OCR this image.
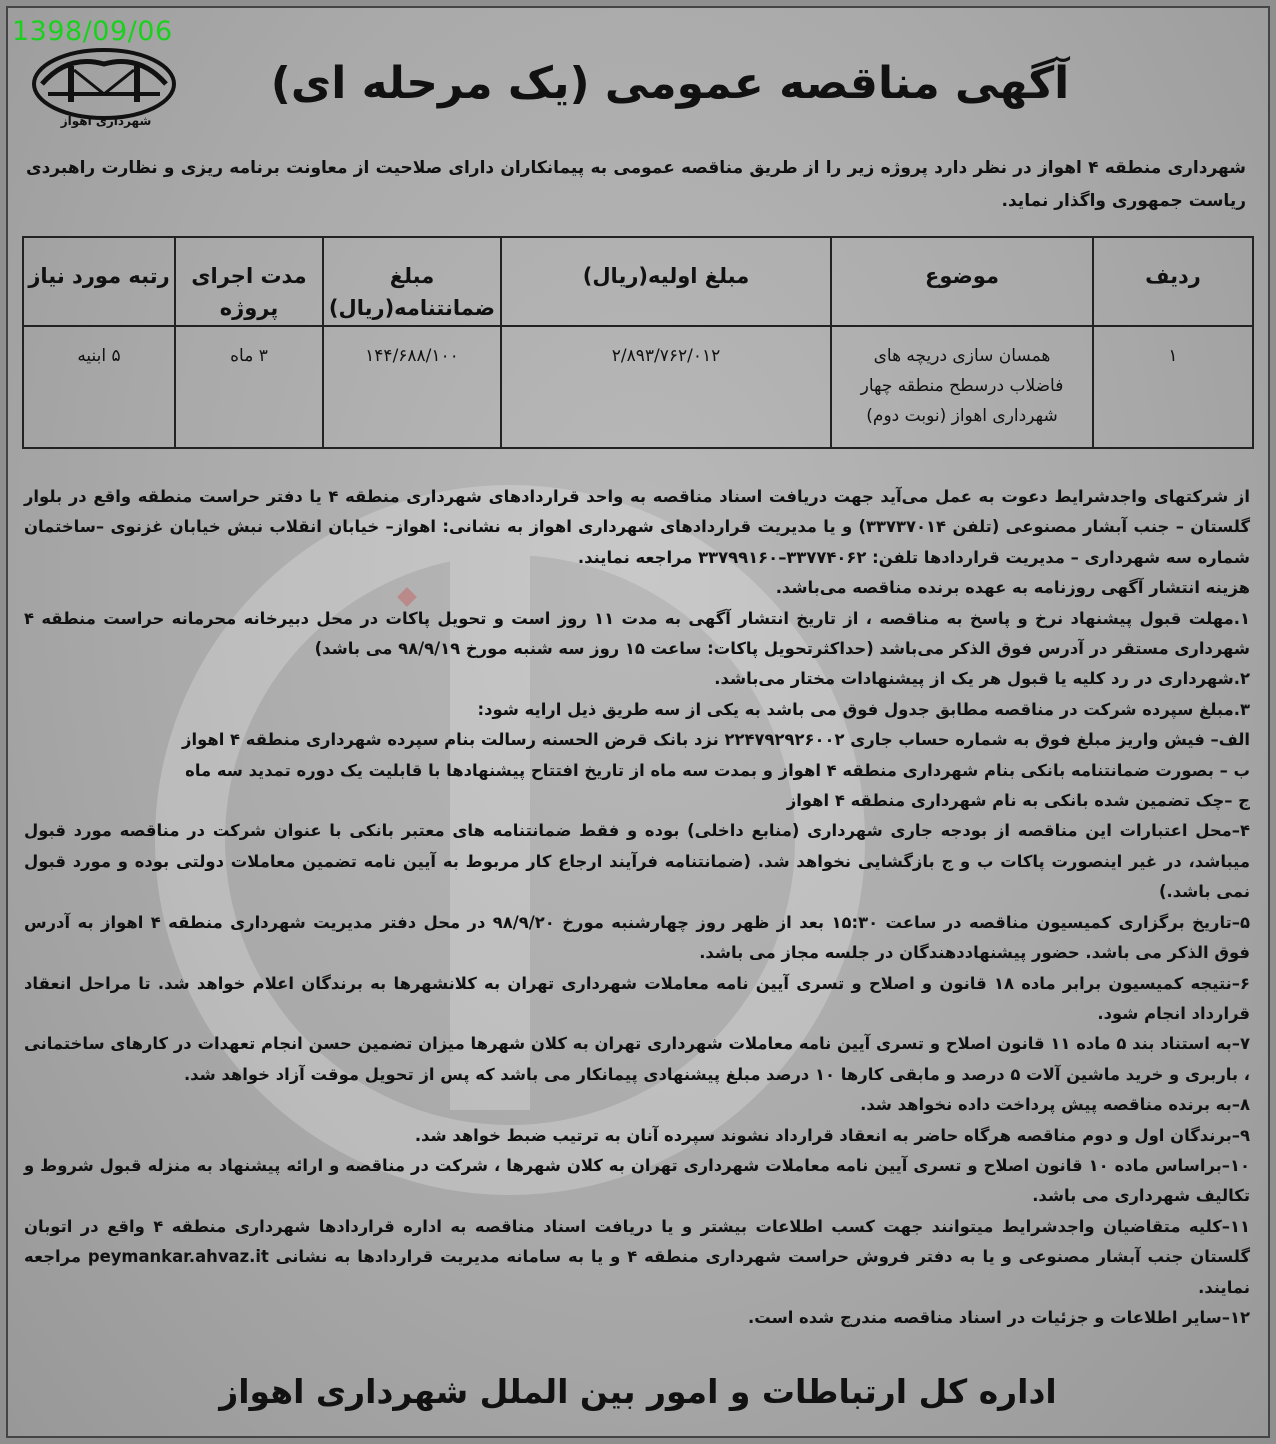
1398/09/06
شهرداری اهواز
آگهی مناقصه عمومی (یک مرحله ای)
شهرداری منطقه ۴ اهواز در نظر دارد پروژه زیر را از طریق مناقصه عمومی به پیمانکاران دارای صلاحیت از معاونت برنامه ریزی و نظارت راهبردی ریاست جمهوری واگذار نماید.
ردیف	موضوع	مبلغ اولیه(ریال)	مبلغ ضمانتنامه(ریال)	مدت اجرای پروژه	رتبه مورد نیاز
۱	همسان سازی دریچه های فاضلاب درسطح منطقه چهار شهرداری اهواز (نوبت دوم)	۲/۸۹۳/۷۶۲/۰۱۲	۱۴۴/۶۸۸/۱۰۰	۳ ماه	۵ ابنیه

از شرکتهای واجدشرایط دعوت به عمل می‌آید جهت دریافت اسناد مناقصه به واحد قراردادهای شهرداری منطقه ۴ یا دفتر حراست منطقه واقع در بلوار گلستان – جنب آبشار مصنوعی (تلفن ۳۳۷۳۷۰۱۴) و یا مدیریت قراردادهای شهرداری اهواز به نشانی: اهواز– خیابان انقلاب نبش خیابان غزنوی –ساختمان شماره سه شهرداری – مدیریت قراردادها تلفن: ۳۳۷۷۴۰۶۲–۳۳۷۹۹۱۶۰ مراجعه نمایند.

هزینه انتشار آگهی روزنامه به عهده برنده مناقصه می‌باشد.

۱.مهلت قبول پیشنهاد نرخ و پاسخ به مناقصه ، از تاریخ انتشار آگهی به مدت ۱۱ روز است و تحویل پاکات در محل دبیرخانه محرمانه حراست منطقه ۴ شهرداری مستقر در آدرس فوق الذکر می‌باشد (حداکثرتحویل پاکات: ساعت ۱۵ روز سه شنبه مورخ ۹۸/۹/۱۹ می باشد)

۲.شهرداری در رد کلیه یا قبول هر یک از پیشنهادات مختار می‌باشد.

۳.مبلغ سپرده شرکت در مناقصه مطابق جدول فوق می باشد به یکی از سه طریق ذیل ارایه شود:

الف– فیش واریز مبلغ فوق به شماره حساب جاری ۲۲۴۷۹۲۹۲۶۰۰۲ نزد بانک قرض الحسنه رسالت بنام سپرده شهرداری منطقه ۴ اهواز

ب – بصورت ضمانتنامه بانکی بنام شهرداری منطقه ۴ اهواز و بمدت سه ماه از تاریخ افتتاح پیشنهادها با قابلیت یک دوره تمدید سه ماه

ج –چک تضمین شده بانکی به نام شهرداری منطقه ۴ اهواز

۴–محل اعتبارات این مناقصه از بودجه جاری شهرداری (منابع داخلی) بوده و فقط ضمانتنامه های معتبر بانکی با عنوان شرکت در مناقصه مورد قبول میباشد، در غیر اینصورت پاکات ب و ج بازگشایی نخواهد شد. (ضمانتنامه فرآیند ارجاع کار مربوط به آیین نامه تضمین معاملات دولتی بوده و مورد قبول نمی باشد.)

۵–تاریخ برگزاری کمیسیون مناقصه در ساعت ۱۵:۳۰ بعد از ظهر روز چهارشنبه مورخ ۹۸/۹/۲۰ در محل دفتر مدیریت شهرداری منطقه ۴ اهواز به آدرس فوق الذکر می باشد. حضور پیشنهاددهندگان در جلسه مجاز می باشد.

۶–نتیجه کمیسیون برابر ماده ۱۸ قانون و اصلاح و تسری آیین نامه معاملات شهرداری تهران به کلانشهرها به برندگان اعلام خواهد شد. تا مراحل انعقاد قرارداد انجام شود.

۷–به استناد بند ۵ ماده ۱۱ قانون اصلاح و تسری آیین نامه معاملات شهرداری تهران به کلان شهرها میزان تضمین حسن انجام تعهدات در کارهای ساختمانی ، باربری و خرید ماشین آلات ۵ درصد و مابقی کارها ۱۰ درصد مبلغ پیشنهادی پیمانکار می باشد که پس از تحویل موقت آزاد خواهد شد.

۸–به برنده مناقصه پیش پرداخت داده نخواهد شد.

۹–برندگان اول و دوم مناقصه هرگاه حاضر به انعقاد قرارداد نشوند سپرده آنان به ترتیب ضبط خواهد شد.

۱۰–براساس ماده ۱۰ قانون اصلاح و تسری آیین نامه معاملات شهرداری تهران به کلان شهرها ، شرکت در مناقصه و ارائه پیشنهاد به منزله قبول شروط و تکالیف شهرداری می باشد.

۱۱–کلیه متقاضیان واجدشرایط میتوانند جهت کسب اطلاعات بیشتر و یا دریافت اسناد مناقصه به اداره قراردادها شهرداری منطقه ۴ واقع در اتوبان گلستان جنب آبشار مصنوعی و یا به دفتر فروش حراست شهرداری منطقه ۴ و یا به سامانه مدیریت قراردادها به نشانی peymankar.ahvaz.it مراجعه نمایند.

۱۲–سایر اطلاعات و جزئیات در اسناد مناقصه مندرج شده است.

اداره کل ارتباطات و امور بین الملل شهرداری اهواز
